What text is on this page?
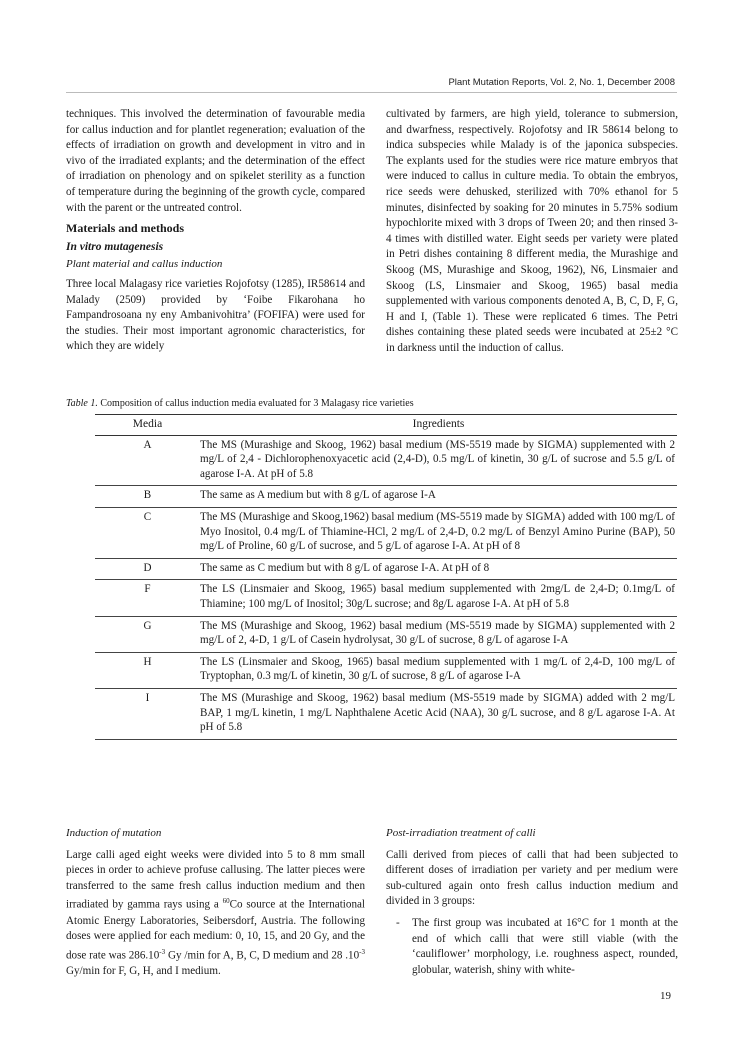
Plant Mutation Reports, Vol. 2, No. 1, December 2008

techniques. This involved the determination of favourable media for callus induction and for plantlet regeneration; evaluation of the effects of irradiation on growth and development in vitro and in vivo of the irradiated explants; and the determination of the effect of irradiation on phenology and on spikelet sterility as a function of temperature during the beginning of the growth cycle, compared with the parent or the untreated control.

Materials and methods

In vitro mutagenesis

Plant material and callus induction

Three local Malagasy rice varieties Rojofotsy (1285), IR58614 and Malady (2509) provided by ‘Foibe Fikarohana ho Fampandrosoana ny eny Ambanivohitra’ (FOFIFA) were used for the studies. Their most important agronomic characteristics, for which they are widely

cultivated by farmers, are high yield, tolerance to submersion, and dwarfness, respectively. Rojofotsy and IR 58614 belong to indica subspecies while Malady is of the japonica subspecies. The explants used for the studies were rice mature embryos that were induced to callus in culture media. To obtain the embryos, rice seeds were dehusked, sterilized with 70% ethanol for 5 minutes, disinfected by soaking for 20 minutes in 5.75% sodium hypochlorite mixed with 3 drops of Tween 20; and then rinsed 3-4 times with distilled water. Eight seeds per variety were plated in Petri dishes containing 8 different media, the Murashige and Skoog (MS, Murashige and Skoog, 1962), N6, Linsmaier and Skoog (LS, Linsmaier and Skoog, 1965) basal media supplemented with various components denoted A, B, C, D, F, G, H and I, (Table 1). These were replicated 6 times. The Petri dishes containing these plated seeds were incubated at 25±2 °C in darkness until the induction of callus.

Table 1. Composition of callus induction media evaluated for 3 Malagasy rice varieties
Media	Ingredients
A	The MS (Murashige and Skoog, 1962) basal medium (MS-5519 made by SIGMA) supplemented with 2 mg/L of 2,4 - Dichlorophenoxyacetic acid (2,4-D), 0.5 mg/L of kinetin, 30 g/L of sucrose and 5.5 g/L of agarose I-A. At pH of 5.8
B	The same as A medium but with 8 g/L of agarose I-A
C	The MS (Murashige and Skoog,1962) basal medium (MS-5519 made by SIGMA) added with 100 mg/L of Myo Inositol, 0.4 mg/L of Thiamine-HCl, 2 mg/L of 2,4-D, 0.2 mg/L of Benzyl Amino Purine (BAP), 50 mg/L of Proline, 60 g/L of sucrose, and 5 g/L of agarose I-A. At pH of 8
D	The same as C medium but with 8 g/L of agarose I-A. At pH of 8
F	The LS (Linsmaier and Skoog, 1965) basal medium supplemented with 2mg/L de 2,4-D; 0.1mg/L of Thiamine; 100 mg/L of Inositol; 30g/L sucrose; and 8g/L agarose I-A. At pH of 5.8
G	The MS (Murashige and Skoog, 1962) basal medium (MS-5519 made by SIGMA) supplemented with 2 mg/L of 2, 4-D, 1 g/L of Casein hydrolysat, 30 g/L of sucrose, 8 g/L of agarose I-A
H	The LS (Linsmaier and Skoog, 1965) basal medium supplemented with 1 mg/L of 2,4-D, 100 mg/L of Tryptophan, 0.3 mg/L of kinetin, 30 g/L of sucrose, 8 g/L of agarose I-A
I	The MS (Murashige and Skoog, 1962) basal medium (MS-5519 made by SIGMA) added with 2 mg/L BAP, 1 mg/L kinetin, 1 mg/L Naphthalene Acetic Acid (NAA), 30 g/L sucrose, and 8 g/L agarose I-A. At pH of 5.8

Induction of mutation

Large calli aged eight weeks were divided into 5 to 8 mm small pieces in order to achieve profuse callusing. The latter pieces were transferred to the same fresh callus induction medium and then irradiated by gamma rays using a $^{60}$Co source at the International Atomic Energy Laboratories, Seibersdorf, Austria. The following doses were applied for each medium: 0, 10, 15, and 20 Gy, and the dose rate was $286.10^{-3}$ Gy /min for A, B, C, D medium and 28 $.10^{-3}$ Gy/min for F, G, H, and I medium.

Post-irradiation treatment of calli

Calli derived from pieces of calli that had been subjected to different doses of irradiation per variety and per medium were sub-cultured again onto fresh callus induction medium and divided in 3 groups:

- The first group was incubated at 16°C for 1 month at the end of which calli that were still viable (with the ‘cauliflower’ morphology, i.e. roughness aspect, rounded, globular, waterish, shiny with white-

19
